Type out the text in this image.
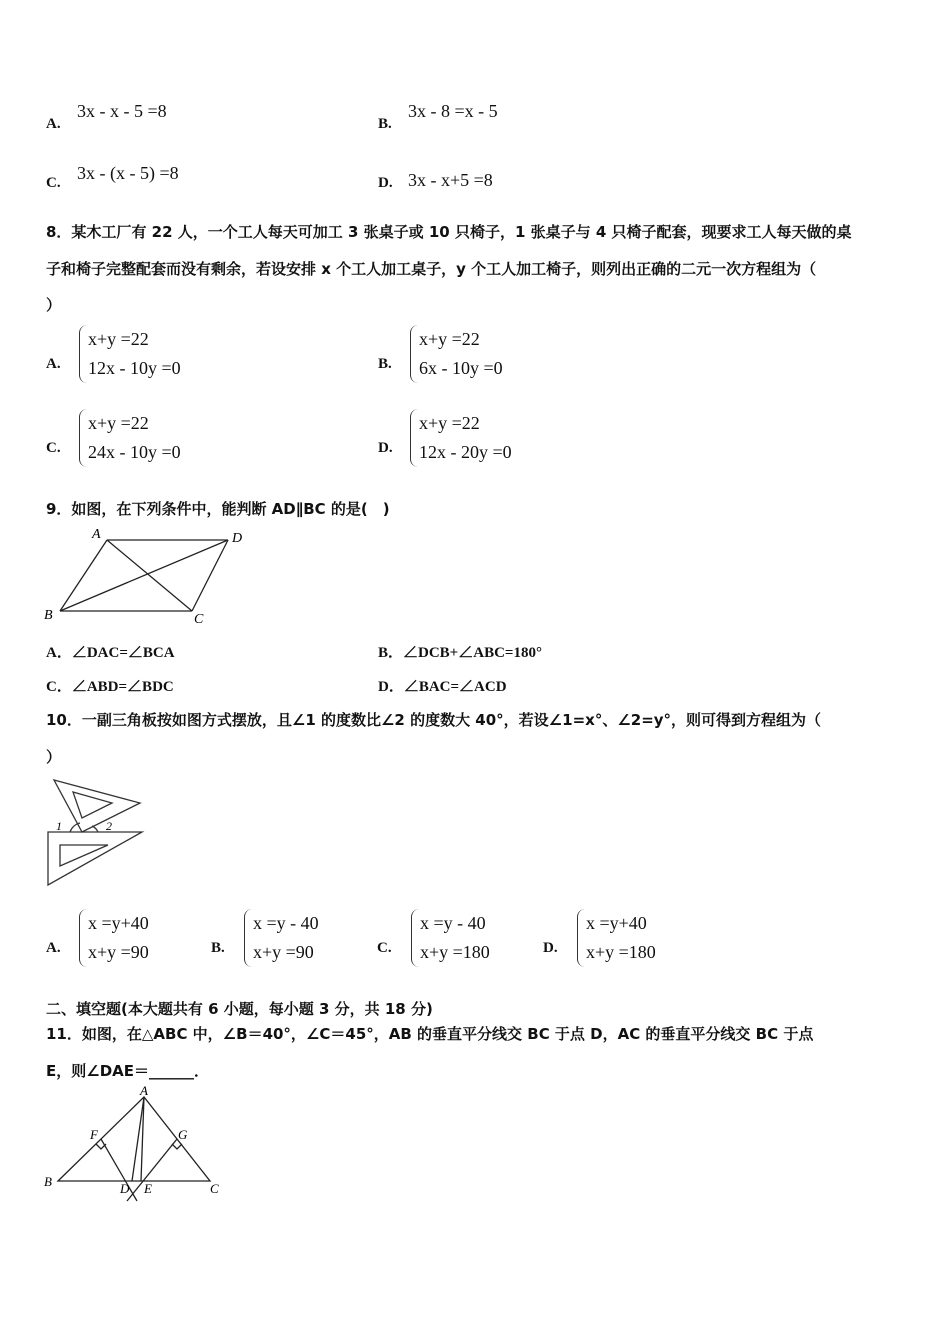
A.
3x - x - 5 =8
B.
3x - 8 =x - 5
C. 3x - (x - 5) =8	D. 3x - x+5 =8
8．某木工厂有 22 人，一个工人每天可加工 3 张桌子或 10 只椅子，1 张桌子与 4 只椅子配套，现要求工人每天做的桌
子和椅子完整配套而没有剩余，若设安排 x 个工人加工桌子，y 个工人加工椅子，则列出正确的二元一次方程组为（
）
A.
x+y =22
12x - 10y =0	B.
x+y =22
6x - 10y =0
C.
x+y =22
24x - 10y =0	D.
x+y =22
12x - 20y =0
9．如图，在下列条件中，能判断 AD∥BC 的是(　)
A	D
B	C
A．∠DAC=∠BCA	B．∠DCB+∠ABC=180°
C．∠ABD=∠BDC	D．∠BAC=∠ACD
10．一副三角板按如图方式摆放，且∠1 的度数比∠2 的度数大 40°，若设∠1=x°、∠2=y°，则可得到方程组为（
）
1	2
A.
x =y+40
x+y =90	B.
x =y - 40
x+y =90	C.
x =y - 40
x+y =180	D.
x =y+40
x+y =180
二、填空题(本大题共有 6 小题，每小题 3 分，共 18 分)
11．如图，在△ABC 中，∠B＝40°，∠C＝45°，AB 的垂直平分线交 BC 于点 D，AC 的垂直平分线交 BC 于点
E，则∠DAE＝______．
A
B	C
D E
F	G
